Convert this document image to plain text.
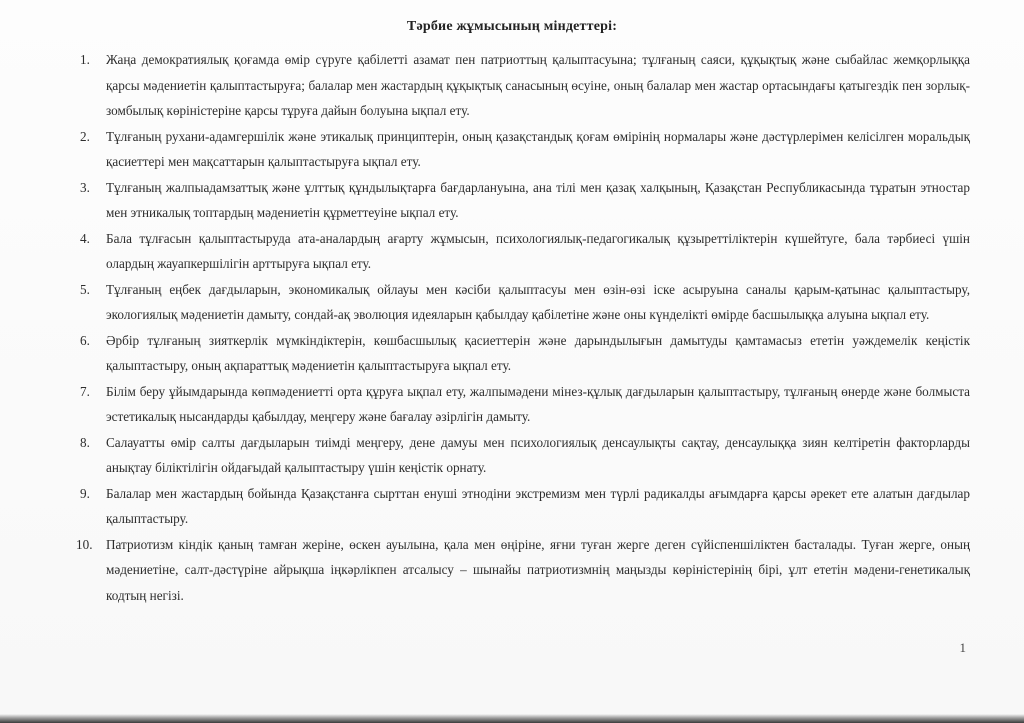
Тәрбие жұмысының міндеттері:
1.	Жаңа демократиялық қоғамда өмір сүруге қабілетті азамат пен патриоттың қалыптасуына; тұлғаның саяси, құқықтық және сыбайлас жемқорлыққа қарсы мәдениетін қалыптастыруға; балалар мен жастардың құқықтық санасының өсуіне, оның балалар мен жастар ортасындағы қатыгездік пен зорлық-зомбылық көріністеріне қарсы тұруға дайын болуына ықпал ету.
2.	Тұлғаның рухани-адамгершілік және этикалық принциптерін, оның қазақстандық қоғам өмірінің нормалары және дәстүрлерімен келісілген моральдық қасиеттері мен мақсаттарын қалыптастыруға ықпал ету.
3.	Тұлғаның жалпыадамзаттық және ұлттық құндылықтарға бағдарлануына, ана тілі мен қазақ халқының, Қазақстан Республикасында тұратын этностар мен этникалық топтардың мәдениетін құрметтеуіне ықпал ету.
4.	Бала тұлғасын қалыптастыруда ата-аналардың ағарту жұмысын, психологиялық-педагогикалық құзыреттіліктерін күшейтуге, бала тәрбиесі үшін олардың жауапкершілігін арттыруға ықпал ету.
5.	Тұлғаның еңбек дағдыларын, экономикалық ойлауы мен кәсіби қалыптасуы мен өзін-өзі іске асыруына саналы қарым-қатынас қалыптастыру, экологиялық мәдениетін дамыту, сондай-ақ эволюция идеяларын қабылдау қабілетіне және оны күнделікті өмірде басшылыққа алуына ықпал ету.
6.	Әрбір тұлғаның зияткерлік мүмкіндіктерін, көшбасшылық қасиеттерін және дарындылығын дамытуды қамтамасыз ететін уәждемелік кеңістік қалыптастыру, оның ақпараттық мәдениетін қалыптастыруға ықпал ету.
7.	Білім беру ұйымдарында көпмәдениетті орта құруға ықпал ету, жалпымәдени мінез-құлық дағдыларын қалыптастыру, тұлғаның өнерде және болмыста эстетикалық нысандарды қабылдау, меңгеру және бағалау әзірлігін дамыту.
8.	Салауатты өмір салты дағдыларын тиімді меңгеру, дене дамуы мен психологиялық денсаулықты сақтау, денсаулыққа зиян келтіретін факторларды анықтау біліктілігін ойдағыдай қалыптастыру үшін кеңістік орнату.
9.	Балалар мен жастардың бойында Қазақстанға сырттан енуші этнодіни экстремизм мен түрлі радикалды ағымдарға қарсы әрекет ете алатын дағдылар қалыптастыру.
10.	Патриотизм кіндік қаның тамған жеріне, өскен ауылына, қала мен өңіріне, яғни туған жерге деген сүйіспеншіліктен басталады. Туған жерге, оның мәдениетіне, салт-дәстүріне айрықша іңкәрлікпен атсалысу – шынайы патриотизмнің маңызды көріністерінің бірі, ұлт ететін мәдени-генетикалық кодтың негізі.
1
